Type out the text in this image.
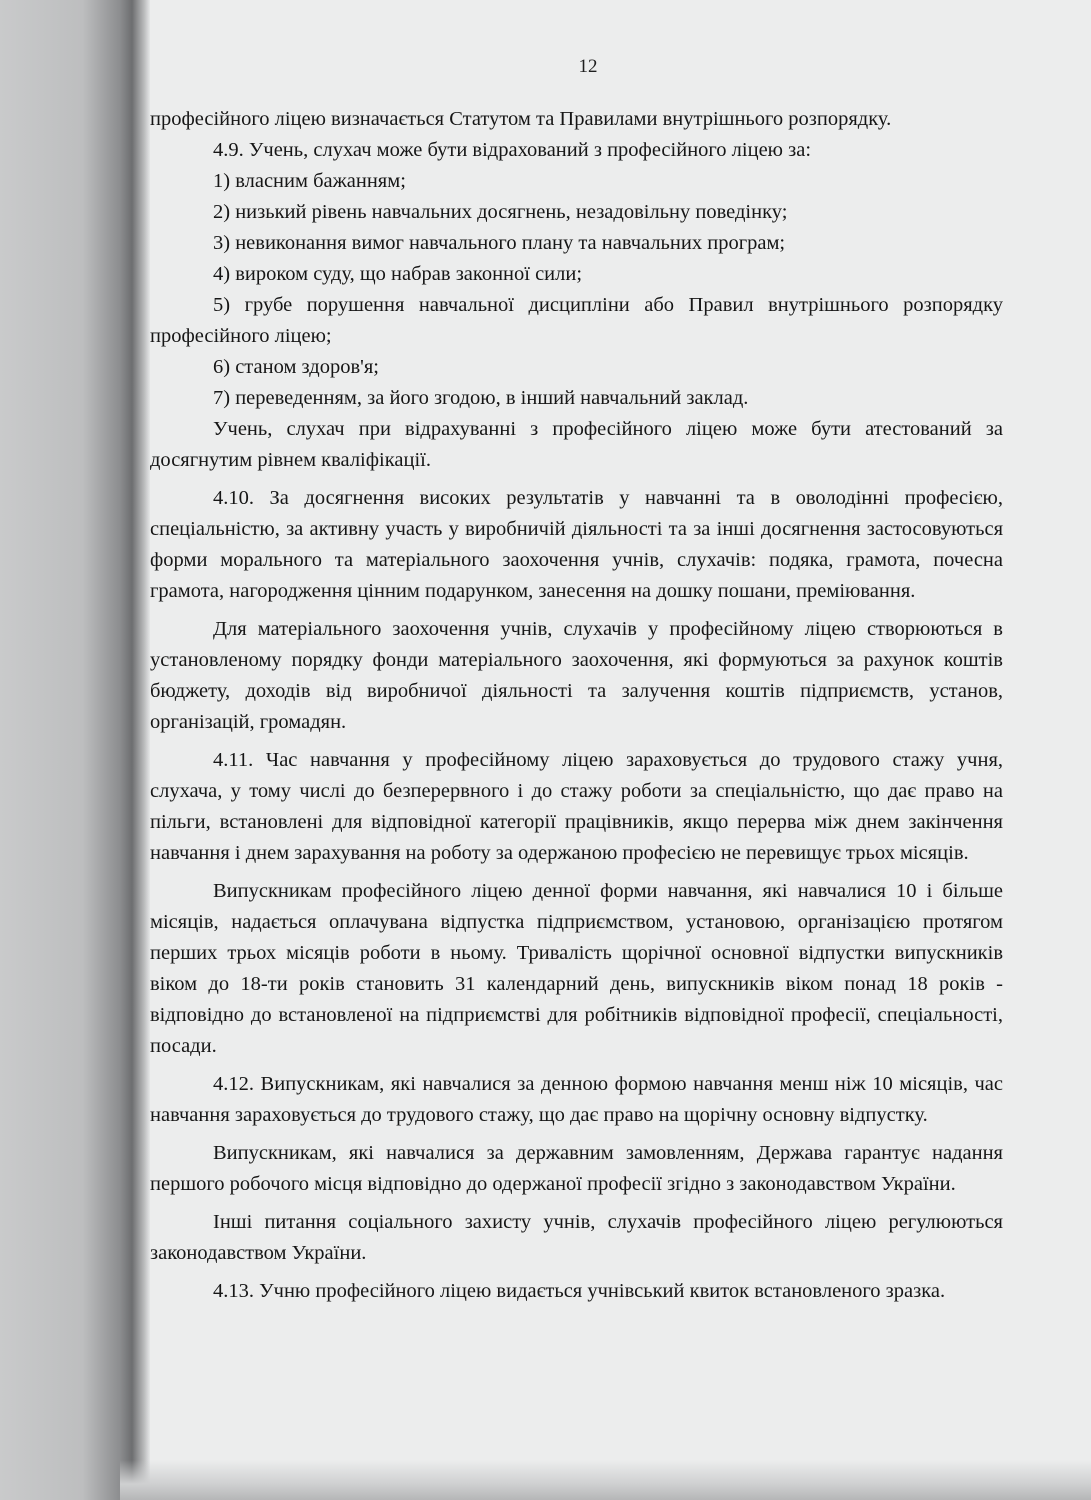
12

професійного ліцею визначається Статутом та Правилами внутрішнього розпорядку.

4.9. Учень, слухач може бути відрахований з професійного ліцею за:

1) власним бажанням;

2) низький рівень навчальних досягнень, незадовільну поведінку;

3) невиконання вимог навчального плану та навчальних програм;

4) вироком суду, що набрав законної сили;

5) грубе порушення навчальної дисципліни або Правил внутрішнього розпорядку професійного ліцею;

6) станом здоров'я;

7) переведенням, за його згодою, в інший навчальний заклад.

Учень, слухач при відрахуванні з професійного ліцею може бути атестований за досягнутим рівнем кваліфікації.

4.10. За досягнення високих результатів у навчанні та в оволодінні професією, спеціальністю, за активну участь у виробничій діяльності та за інші досягнення застосовуються форми морального та матеріального заохочення учнів, слухачів: подяка, грамота, почесна грамота, нагородження цінним подарунком, занесення на дошку пошани, преміювання.

Для матеріального заохочення учнів, слухачів у професійному ліцею створюються в установленому порядку фонди матеріального заохочення, які формуються за рахунок коштів бюджету, доходів від виробничої діяльності та залучення коштів підприємств, установ, організацій, громадян.

4.11. Час навчання у професійному ліцею зараховується до трудового стажу учня, слухача, у тому числі до безперервного і до стажу роботи за спеціальністю, що дає право на пільги, встановлені для відповідної категорії працівників, якщо перерва між днем закінчення навчання і днем зарахування на роботу за одержаною професією не перевищує трьох місяців.

Випускникам професійного ліцею денної форми навчання, які навчалися 10 і більше місяців, надається оплачувана відпустка підприємством, установою, організацією протягом перших трьох місяців роботи в ньому. Тривалість щорічної основної відпустки випускників віком до 18-ти років становить 31 календарний день, випускників віком понад 18 років - відповідно до встановленої на підприємстві для робітників відповідної професії, спеціальності, посади.

4.12. Випускникам, які навчалися за денною формою навчання менш ніж 10 місяців, час навчання зараховується до трудового стажу, що дає право на щорічну основну відпустку.

Випускникам, які навчалися за державним замовленням, Держава гарантує надання першого робочого місця відповідно до одержаної професії згідно з законодавством України.

Інші питання соціального захисту учнів, слухачів професійного ліцею регулюються законодавством України.

4.13. Учню професійного ліцею видається учнівський квиток встановленого зразка.
